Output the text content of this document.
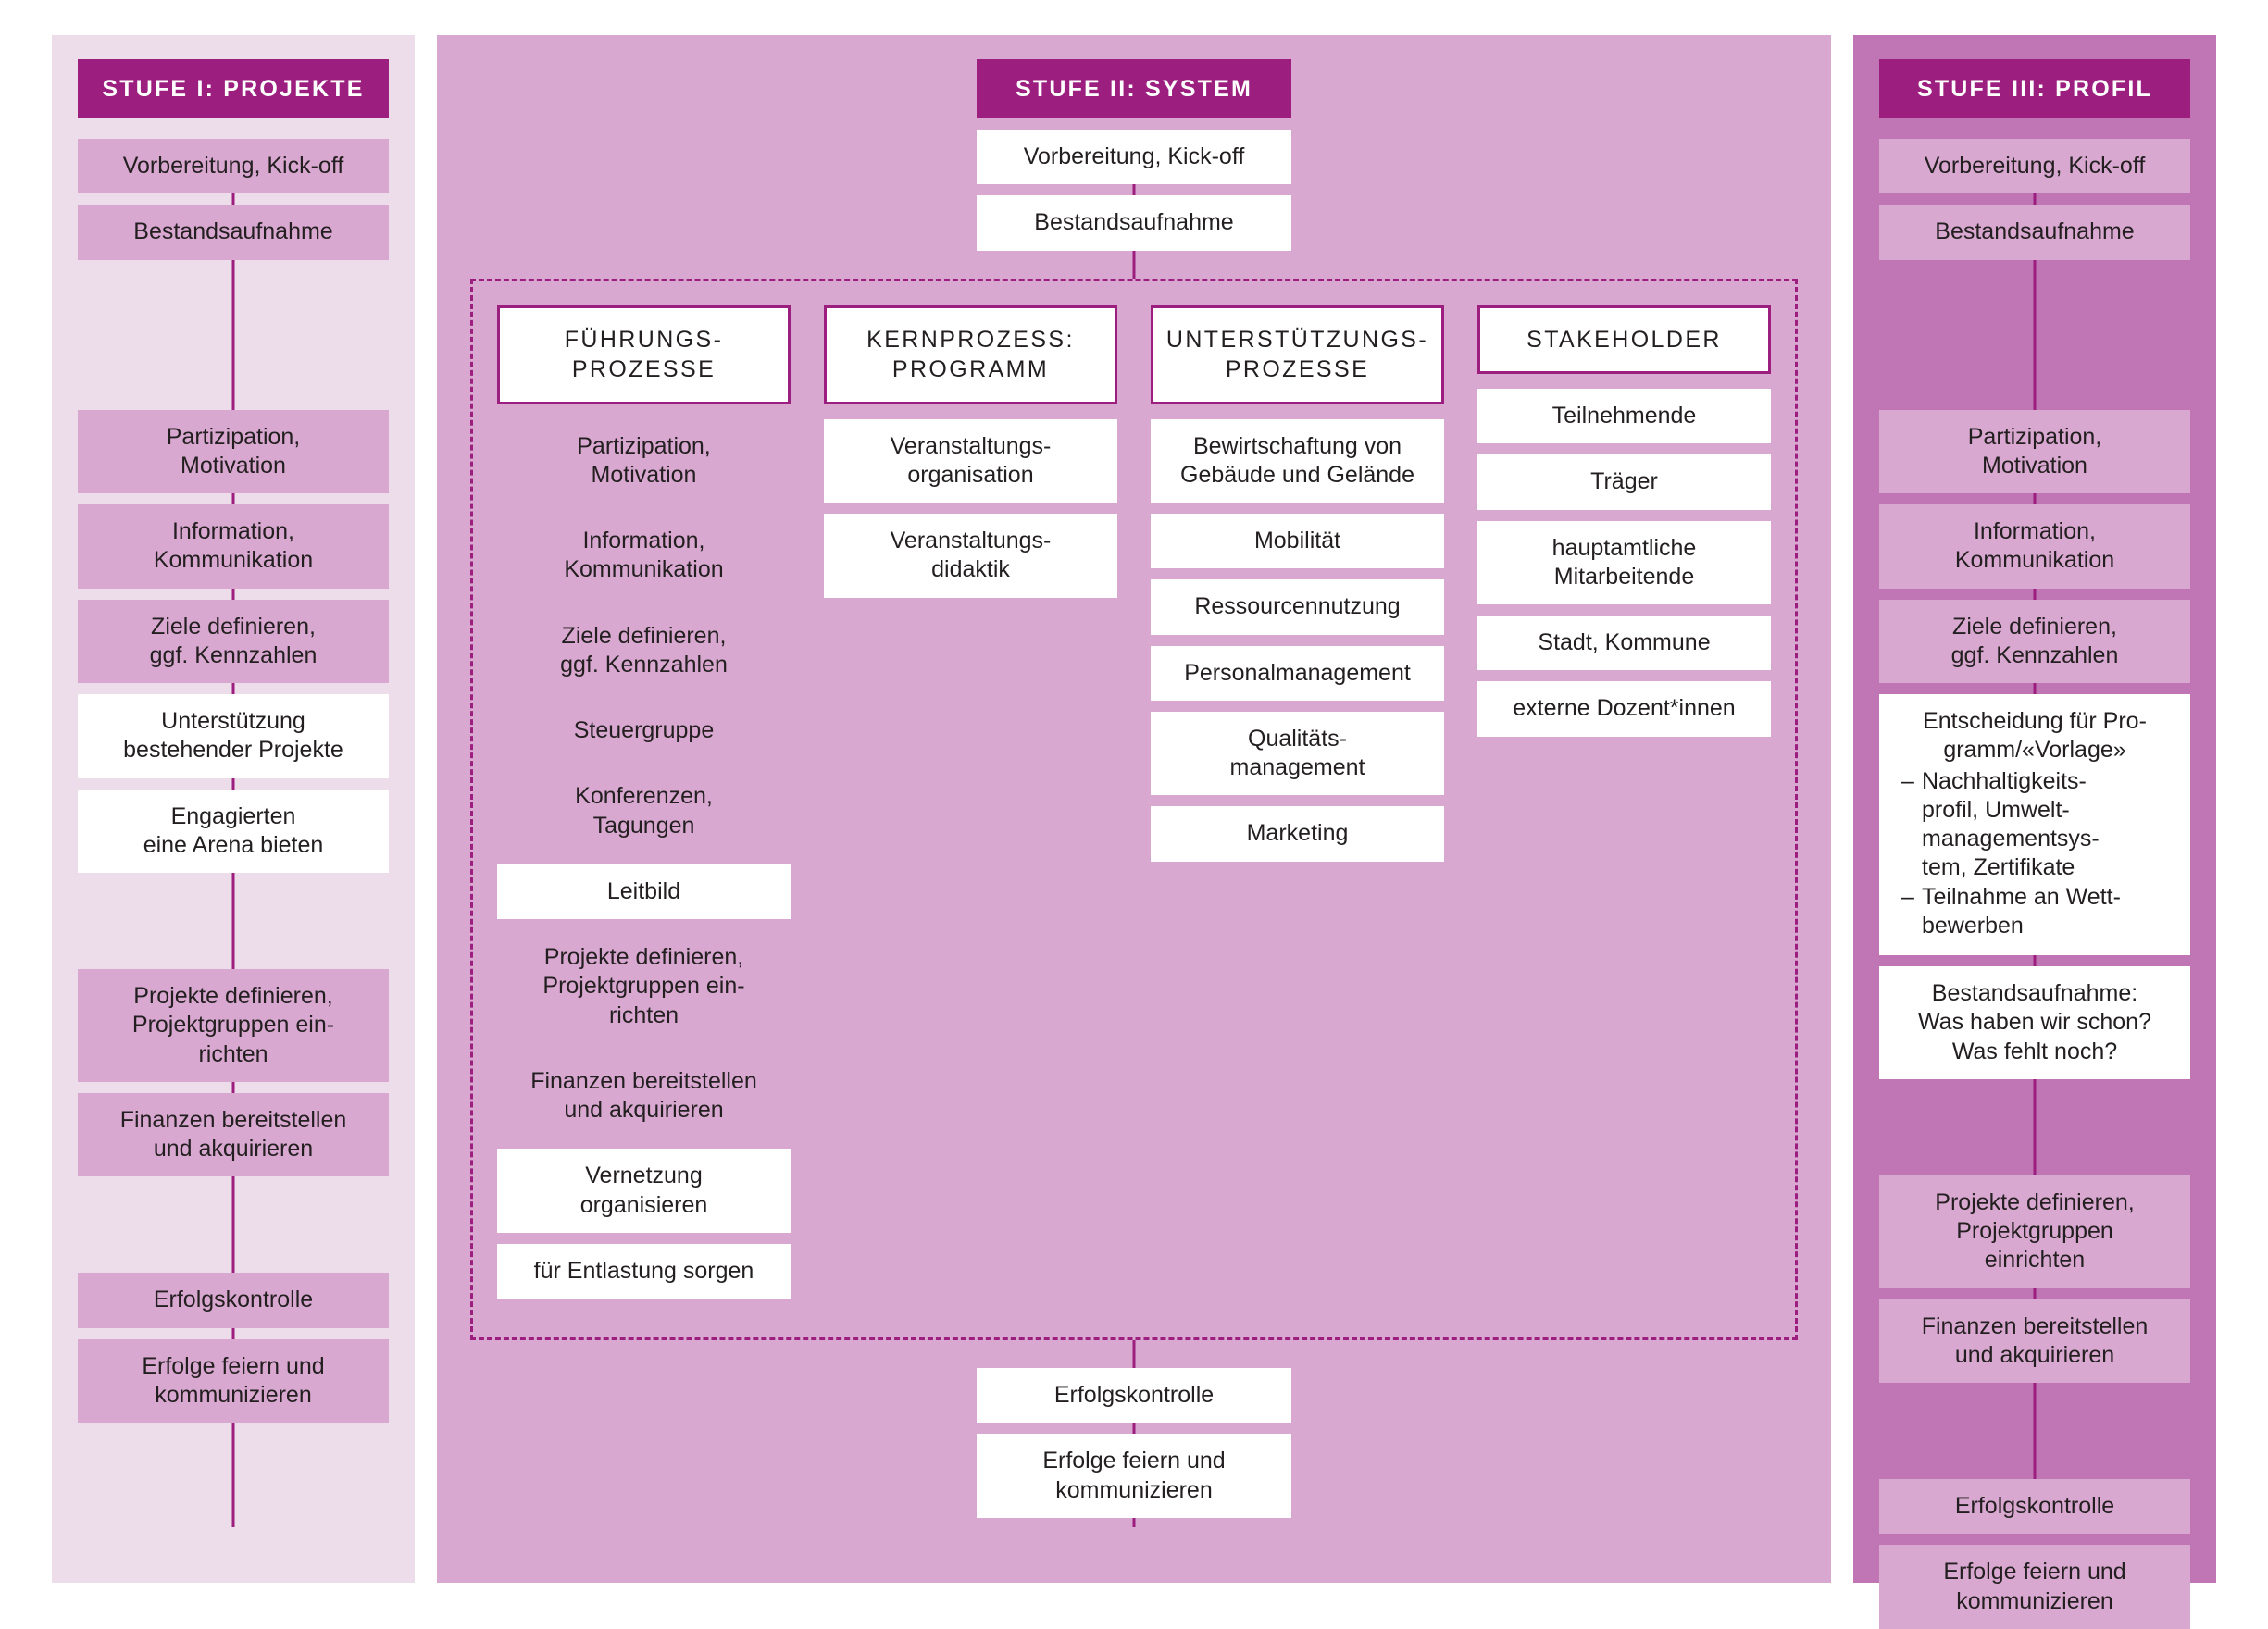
STUFE I: PROJEKTE
Vorbereitung, Kick-off
Bestandsaufnahme
Partizipation,
Motivation
Information,
Kommunikation
Ziele definieren,
ggf. Kennzahlen
Unterstützung
bestehender Projekte
Engagierten
eine Arena bieten
Projekte definieren,
Projektgruppen ein-
richten
Finanzen bereitstellen
und akquirieren
Erfolgskontrolle
Erfolge feiern und
kommunizieren
STUFE II: SYSTEM
Vorbereitung, Kick-off
Bestandsaufnahme
FÜHRUNGS-
PROZESSE
Partizipation,
Motivation
Information,
Kommunikation
Ziele definieren,
ggf. Kennzahlen
Steuergruppe
Konferenzen,
Tagungen
Leitbild
Projekte definieren,
Projektgruppen ein-
richten
Finanzen bereitstellen
und akquirieren
Vernetzung
organisieren
für Entlastung sorgen
KERNPROZESS:
PROGRAMM
Veranstaltungs-
organisation
Veranstaltungs-
didaktik
UNTERSTÜTZUNGS-
PROZESSE
Bewirtschaftung von
Gebäude und Gelände
Mobilität
Ressourcennutzung
Personalmanagement
Qualitäts-
management
Marketing
STAKEHOLDER
Teilnehmende
Träger
hauptamtliche
Mitarbeitende
Stadt, Kommune
externe Dozent*innen
Erfolgskontrolle
Erfolge feiern und
kommunizieren
STUFE III: PROFIL
Vorbereitung, Kick-off
Bestandsaufnahme
Partizipation,
Motivation
Information,
Kommunikation
Ziele definieren,
ggf. Kennzahlen
Entscheidung für Pro-
gramm/«Vorlage»
– Nachhaltigkeits-
profil, Umwelt-
managementsys-
tem, Zertifikate
– Teilnahme an Wett-
bewerben
Bestandsaufnahme:
Was haben wir schon?
Was fehlt noch?
Projekte definieren,
Projektgruppen
einrichten
Finanzen bereitstellen
und akquirieren
Erfolgskontrolle
Erfolge feiern und
kommunizieren
